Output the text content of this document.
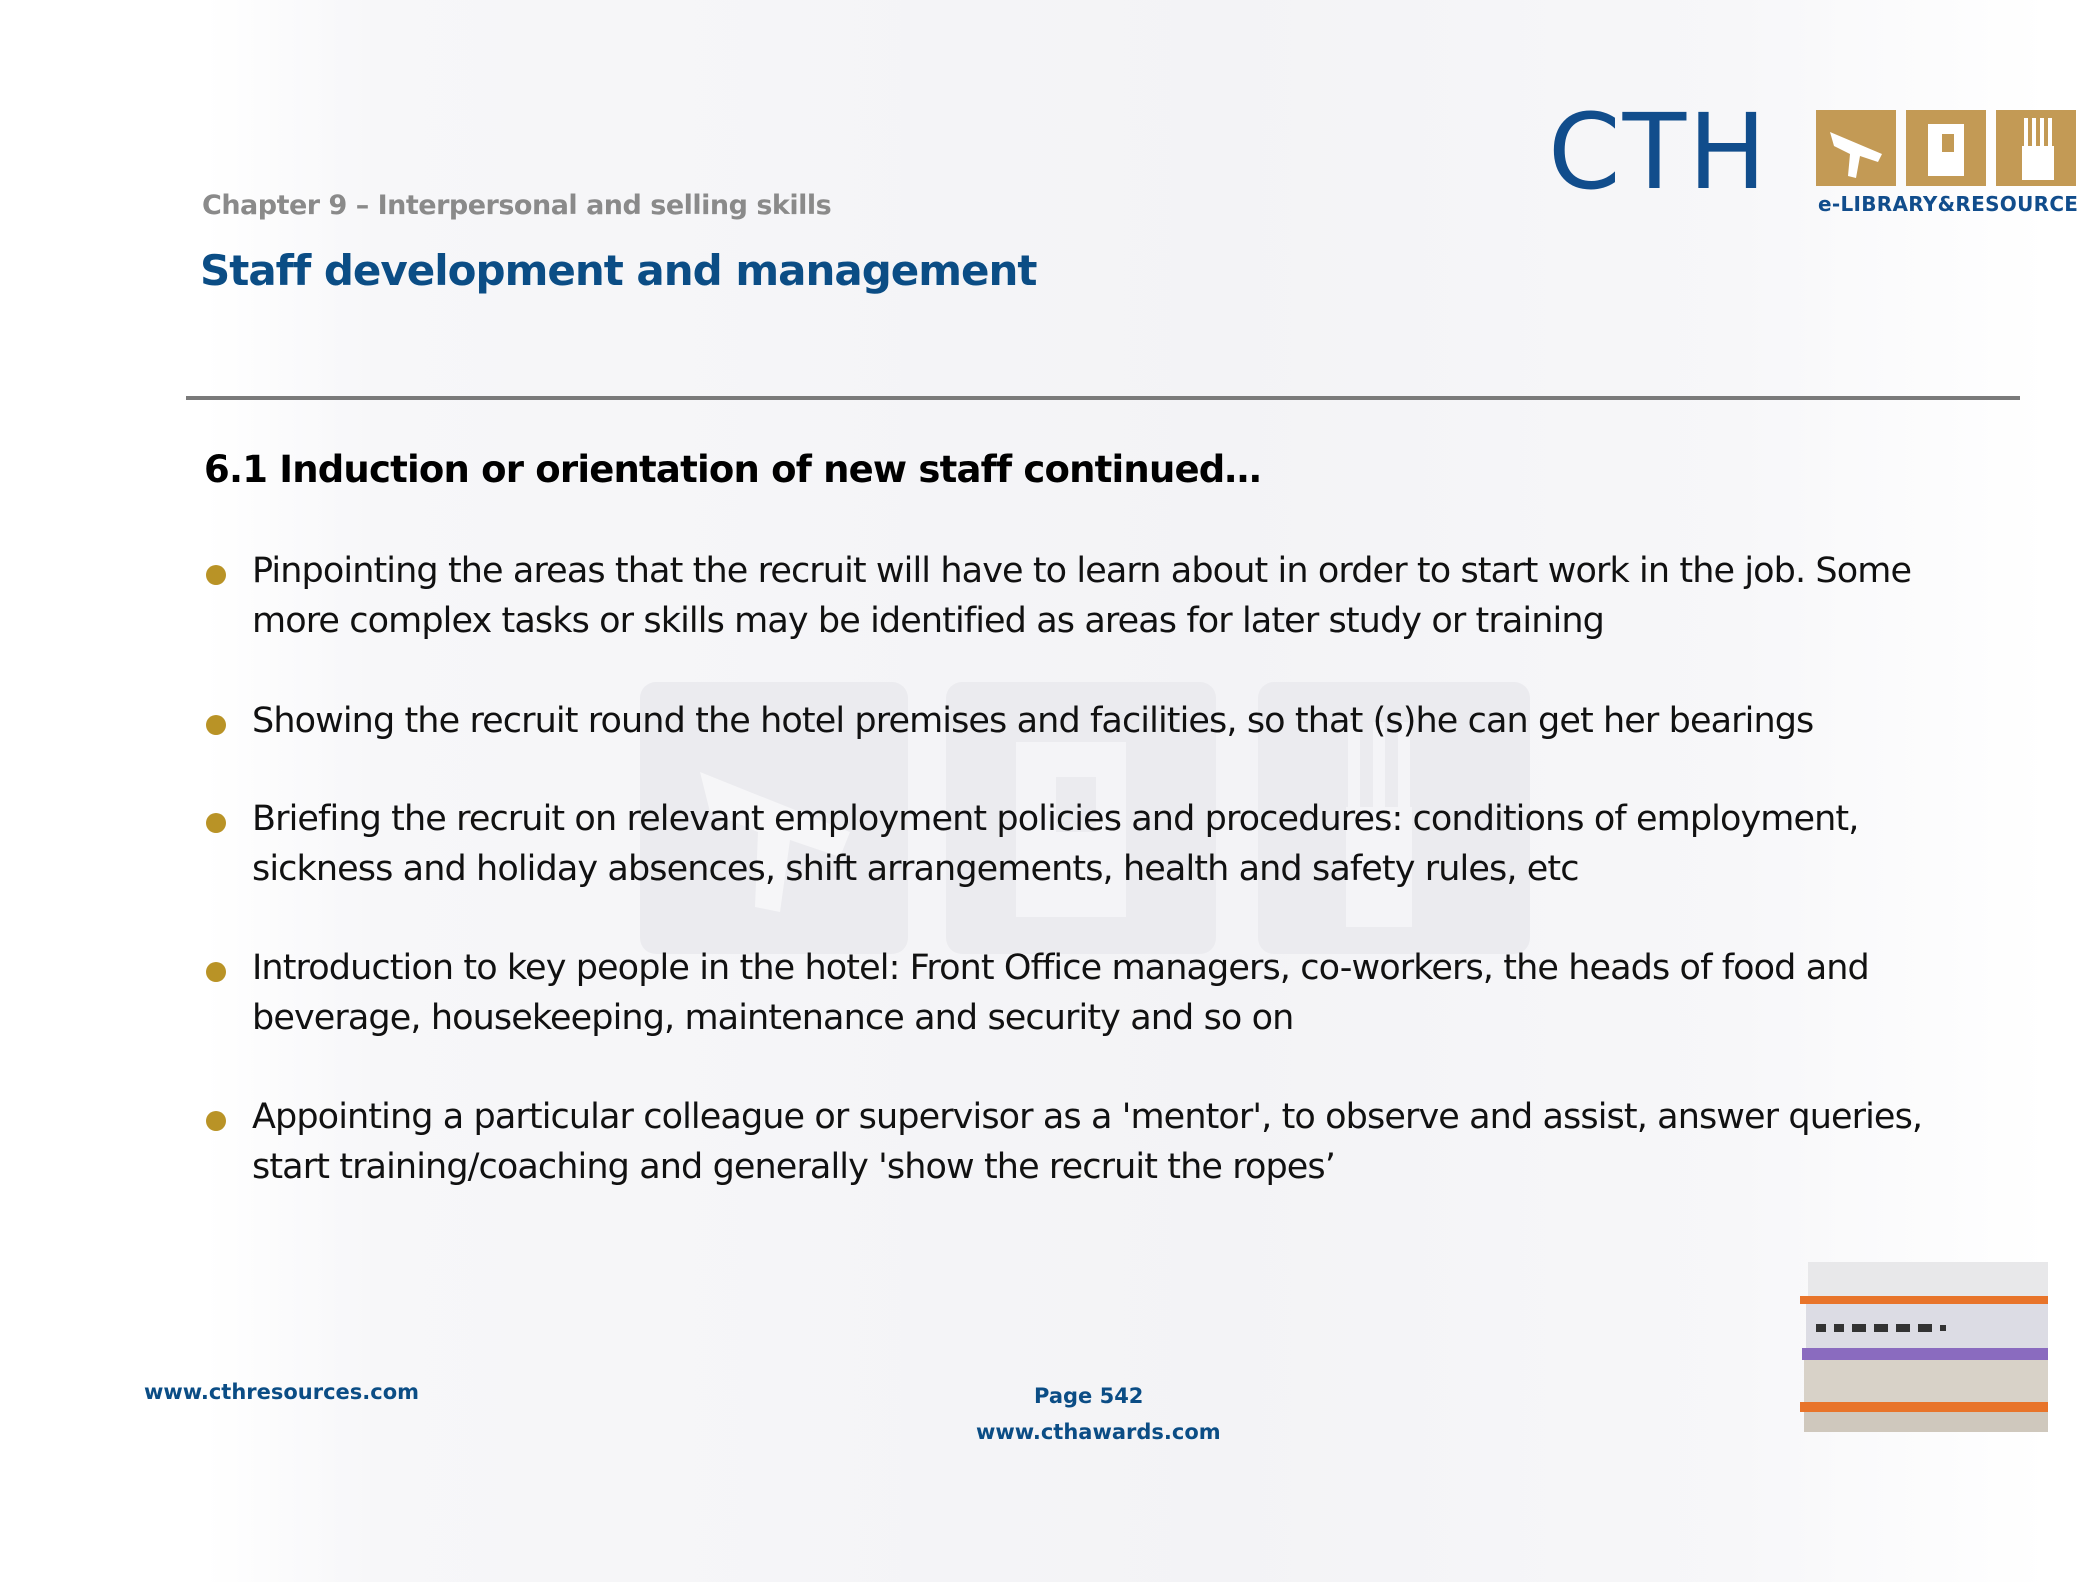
Chapter 9 – Interpersonal and selling skills
Staff development and management
CTH e-LIBRARY&RESOURCE
6.1 Induction or orientation of new staff continued…
Pinpointing the areas that the recruit will have to learn about in order to start work in the job. Some more complex tasks or skills may be identified as areas for later study or training
Showing the recruit round the hotel premises and facilities, so that (s)he can get her bearings
Briefing the recruit on relevant employment policies and procedures: conditions of employment, sickness and holiday absences, shift arrangements, health and safety rules, etc
Introduction to key people in the hotel: Front Office managers, co-workers, the heads of food and beverage, housekeeping, maintenance and security and so on
Appointing a particular colleague or supervisor as a 'mentor', to observe and assist, answer queries, start training/coaching and generally 'show the recruit the ropes’
www.cthresources.com	Page 542
www.cthawards.com
